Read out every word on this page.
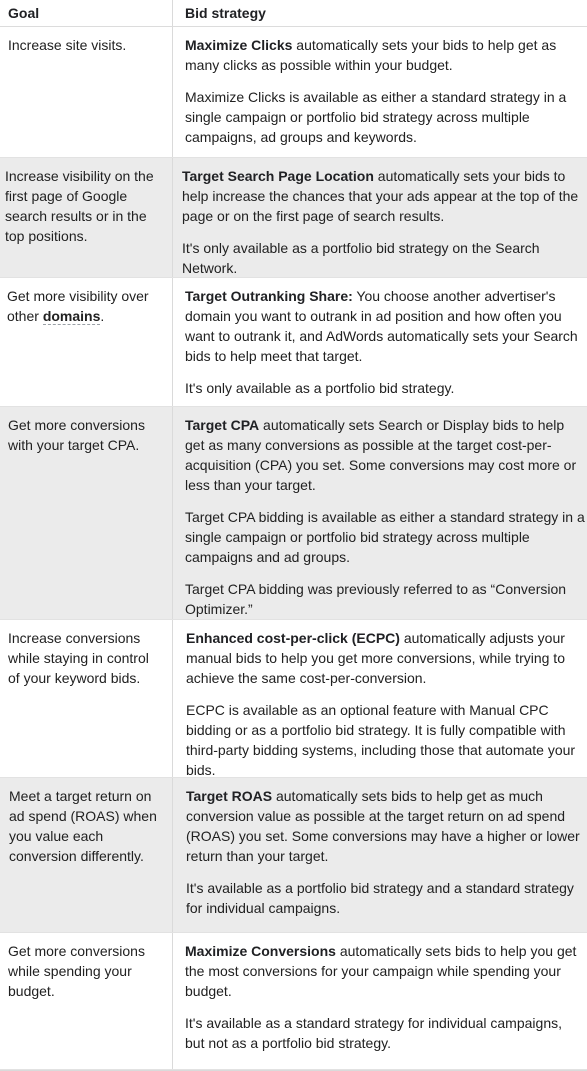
Goal	Bid strategy

Increase site visits.	Maximize Clicks automatically sets your bids to help get as many clicks as possible within your budget.

Maximize Clicks is available as either a standard strategy in a single campaign or portfolio bid strategy across multiple campaigns, ad groups and keywords.

Increase visibility on the first page of Google search results or in the top positions.

Target Search Page Location automatically sets your bids to help increase the chances that your ads appear at the top of the page or on the first page of search results.

It's only available as a portfolio bid strategy on the Search Network.

Get more visibility over other domains.

Target Outranking Share: You choose another advertiser's domain you want to outrank in ad position and how often you want to outrank it, and AdWords automatically sets your Search bids to help meet that target.

It's only available as a portfolio bid strategy.

Get more conversions with your target CPA.

Target CPA automatically sets Search or Display bids to help get as many conversions as possible at the target cost-per-acquisition (CPA) you set. Some conversions may cost more or less than your target.

Target CPA bidding is available as either a standard strategy in a single campaign or portfolio bid strategy across multiple campaigns and ad groups.

Target CPA bidding was previously referred to as “Conversion Optimizer.”

Increase conversions while staying in control of your keyword bids.

Enhanced cost-per-click (ECPC) automatically adjusts your manual bids to help you get more conversions, while trying to achieve the same cost-per-conversion.

ECPC is available as an optional feature with Manual CPC bidding or as a portfolio bid strategy. It is fully compatible with third-party bidding systems, including those that automate your bids.

Meet a target return on ad spend (ROAS) when you value each conversion differently.

Target ROAS automatically sets bids to help get as much conversion value as possible at the target return on ad spend (ROAS) you set. Some conversions may have a higher or lower return than your target.

It's available as a portfolio bid strategy and a standard strategy for individual campaigns.

Get more conversions while spending your budget.

Maximize Conversions automatically sets bids to help you get the most conversions for your campaign while spending your budget.

It's available as a standard strategy for individual campaigns, but not as a portfolio bid strategy.
